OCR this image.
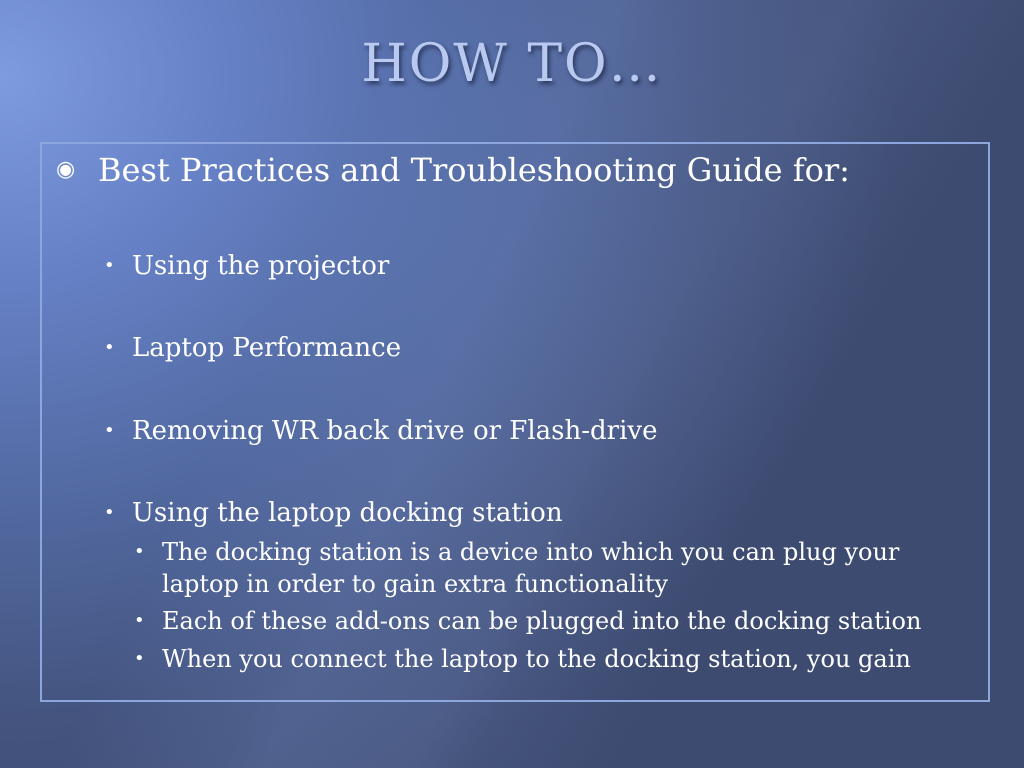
HOW TO…
◉ Best Practices and Troubleshooting Guide for:
• Using the projector
• Laptop Performance
• Removing WR back drive or Flash-drive
• Using the laptop docking station
• The docking station is a device into which you can plug your laptop in order to gain extra functionality
• Each of these add-ons can be plugged into the docking station
• When you connect the laptop to the docking station, you gain
